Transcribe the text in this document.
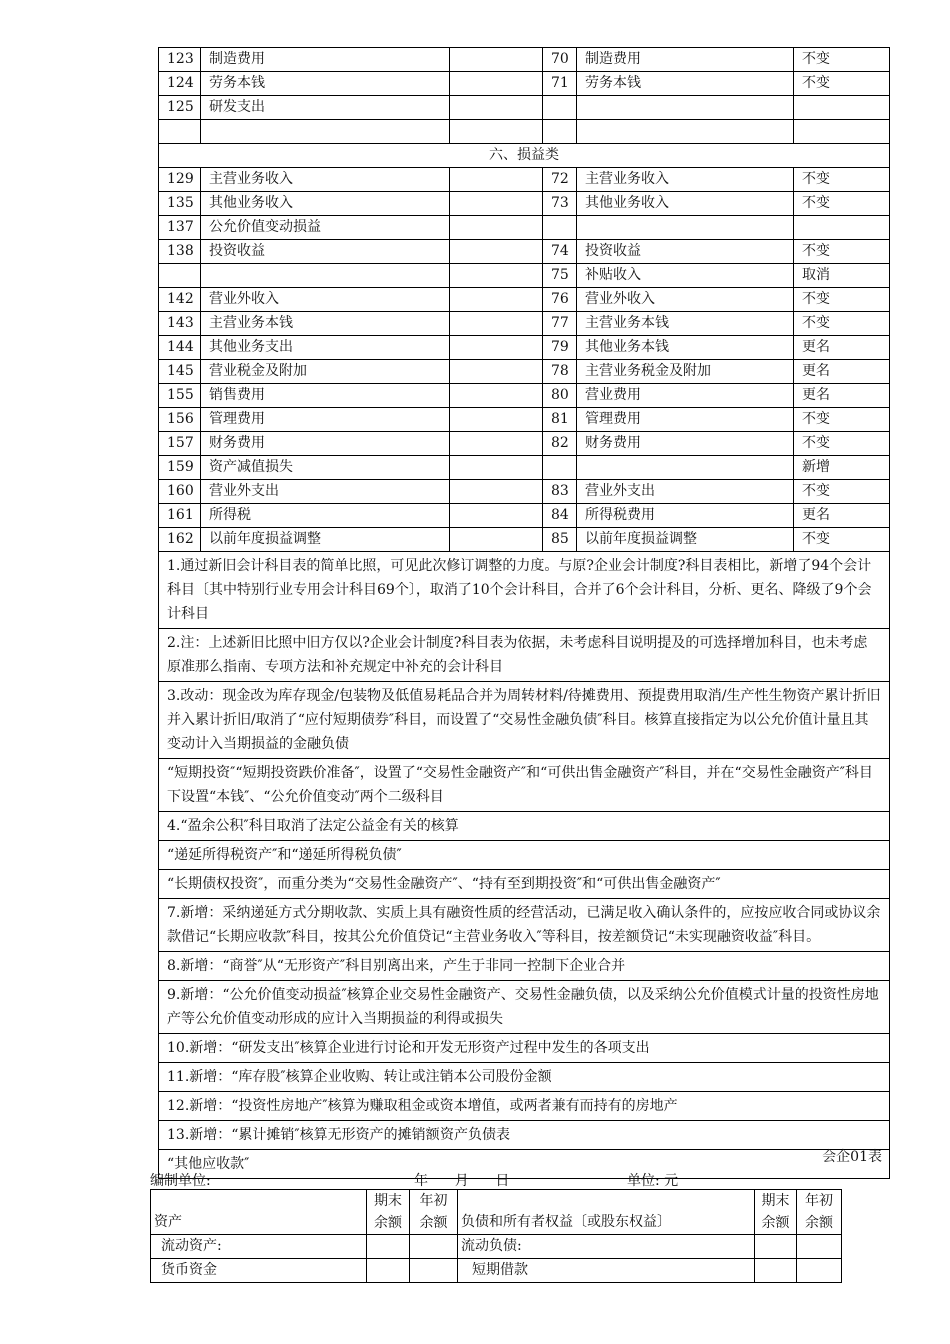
123	制造费用		70	制造费用	不变
124	劳务本钱		71	劳务本钱	不变
125	研发支出				

六、损益类					
129	主营业务收入		72	主营业务收入	不变
135	其他业务收入		73	其他业务收入	不变
137	公允价值变动损益				
138	投资收益		74	投资收益	不变
			75	补贴收入	取消
142	营业外收入		76	营业外收入	不变
143	主营业务本钱		77	主营业务本钱	不变
144	其他业务支出		79	其他业务本钱	更名
145	营业税金及附加		78	主营业务税金及附加	更名
155	销售费用		80	营业费用	更名
156	管理费用		81	管理费用	不变
157	财务费用		82	财务费用	不变
159	资产减值损失				新增
160	营业外支出		83	营业外支出	不变
161	所得税		84	所得税费用	更名
162	以前年度损益调整		85	以前年度损益调整	不变
1.通过新旧会计科目表的简单比照，可见此次修订调整的力度。与原?企业会计制度?科目表相比，新增了94个会计科目〔其中特别行业专用会计科目69个〕，取消了10个会计科目，合并了6个会计科目，分析、更名、降级了9个会计科目					
2.注：上述新旧比照中旧方仅以?企业会计制度?科目表为依据，未考虑科目说明提及的可选择增加科目，也未考虑原准那么指南、专项方法和补充规定中补充的会计科目					
3.改动：现金改为库存现金/包装物及低值易耗品合并为周转材料/待摊费用、预提费用取消/生产性生物资产累计折旧并入累计折旧/取消了“应付短期债券″科目，而设置了“交易性金融负债″科目。核算直接指定为以公允价值计量且其变动计入当期损益的金融负债					
“短期投资″“短期投资跌价准备″，设置了“交易性金融资产″和“可供出售金融资产″科目，并在“交易性金融资产″科目下设置“本钱″、“公允价值变动″两个二级科目					
4.“盈余公积″科目取消了法定公益金有关的核算					
“递延所得税资产″和“递延所得税负债″					
“长期债权投资″，而重分类为“交易性金融资产″、“持有至到期投资″和“可供出售金融资产″					
7.新增：采纳递延方式分期收款、实质上具有融资性质的经营活动，已满足收入确认条件的，应按应收合同或协议余款借记“长期应收款″科目，按其公允价值贷记“主营业务收入″等科目，按差额贷记“未实现融资收益″科目。					
8.新增：“商誉″从“无形资产″科目别离出来，产生于非同一控制下企业合并					
9.新增：“公允价值变动损益″核算企业交易性金融资产、交易性金融负债，以及采纳公允价值模式计量的投资性房地产等公允价值变动形成的应计入当期损益的利得或损失					
10.新增：“研发支出″核算企业进行讨论和开发无形资产过程中发生的各项支出					
11.新增：“库存股″核算企业收购、转让或注销本公司股份金额					
12.新增：“投资性房地产″核算为赚取租金或资本增值，或两者兼有而持有的房地产					
13.新增：“累计摊销″核算无形资产的摊销额					
“其他应收款″					
资产负债表
会企01表
编制单位:	年      月      日	单位: 元
资产	期末余额	年初余额	负债和所有者权益〔或股东权益〕	期末余额	年初余额
流动资产:			流动负债:		
货币资金			短期借款		
